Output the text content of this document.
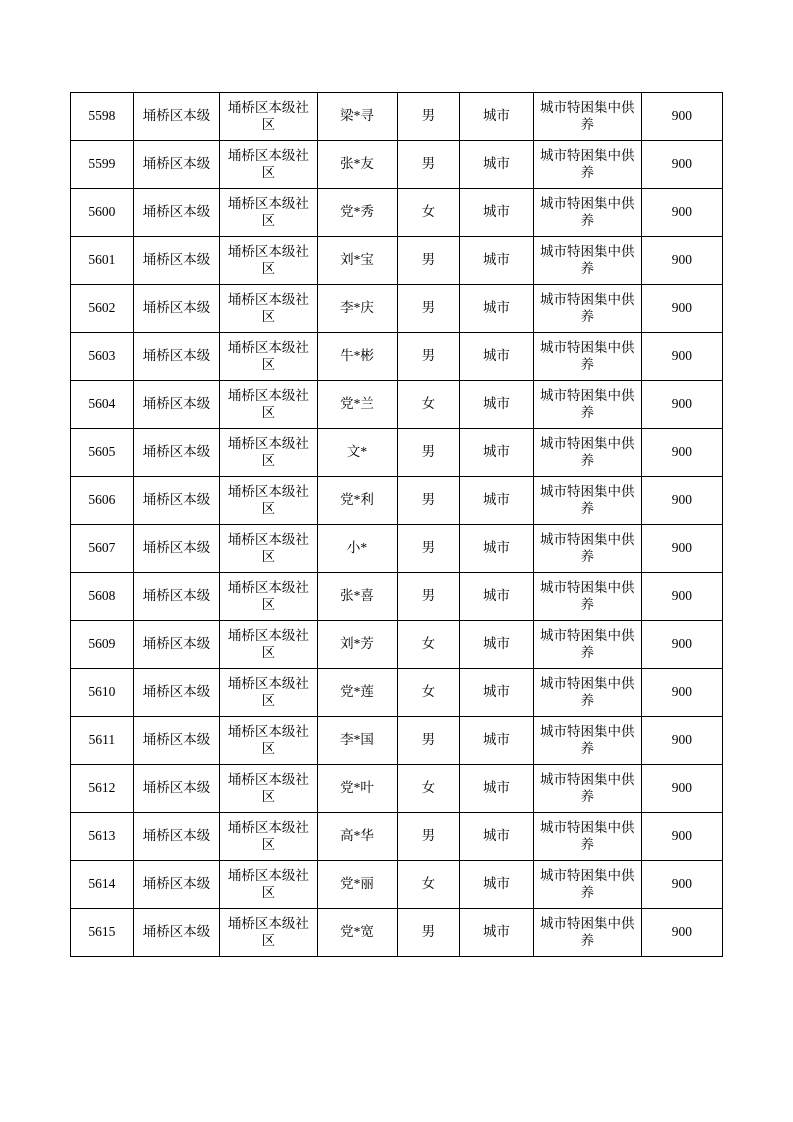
5598	埇桥区本级	埇桥区本级社区	梁*寻	男	城市	城市特困集中供养	900

5599	埇桥区本级	埇桥区本级社区	张*友	男	城市	城市特困集中供养	900

5600	埇桥区本级	埇桥区本级社区	党*秀	女	城市	城市特困集中供养	900

5601	埇桥区本级	埇桥区本级社区	刘*宝	男	城市	城市特困集中供养	900

5602	埇桥区本级	埇桥区本级社区	李*庆	男	城市	城市特困集中供养	900

5603	埇桥区本级	埇桥区本级社区	牛*彬	男	城市	城市特困集中供养	900

5604	埇桥区本级	埇桥区本级社区	党*兰	女	城市	城市特困集中供养	900

5605	埇桥区本级	埇桥区本级社区	文*	男	城市	城市特困集中供养	900

5606	埇桥区本级	埇桥区本级社区	党*利	男	城市	城市特困集中供养	900

5607	埇桥区本级	埇桥区本级社区	小*	男	城市	城市特困集中供养	900

5608	埇桥区本级	埇桥区本级社区	张*喜	男	城市	城市特困集中供养	900

5609	埇桥区本级	埇桥区本级社区	刘*芳	女	城市	城市特困集中供养	900

5610	埇桥区本级	埇桥区本级社区	党*莲	女	城市	城市特困集中供养	900

5611	埇桥区本级	埇桥区本级社区	李*国	男	城市	城市特困集中供养	900

5612	埇桥区本级	埇桥区本级社区	党*叶	女	城市	城市特困集中供养	900

5613	埇桥区本级	埇桥区本级社区	高*华	男	城市	城市特困集中供养	900

5614	埇桥区本级	埇桥区本级社区	党*丽	女	城市	城市特困集中供养	900

5615	埇桥区本级	埇桥区本级社区	党*宽	男	城市	城市特困集中供养	900
